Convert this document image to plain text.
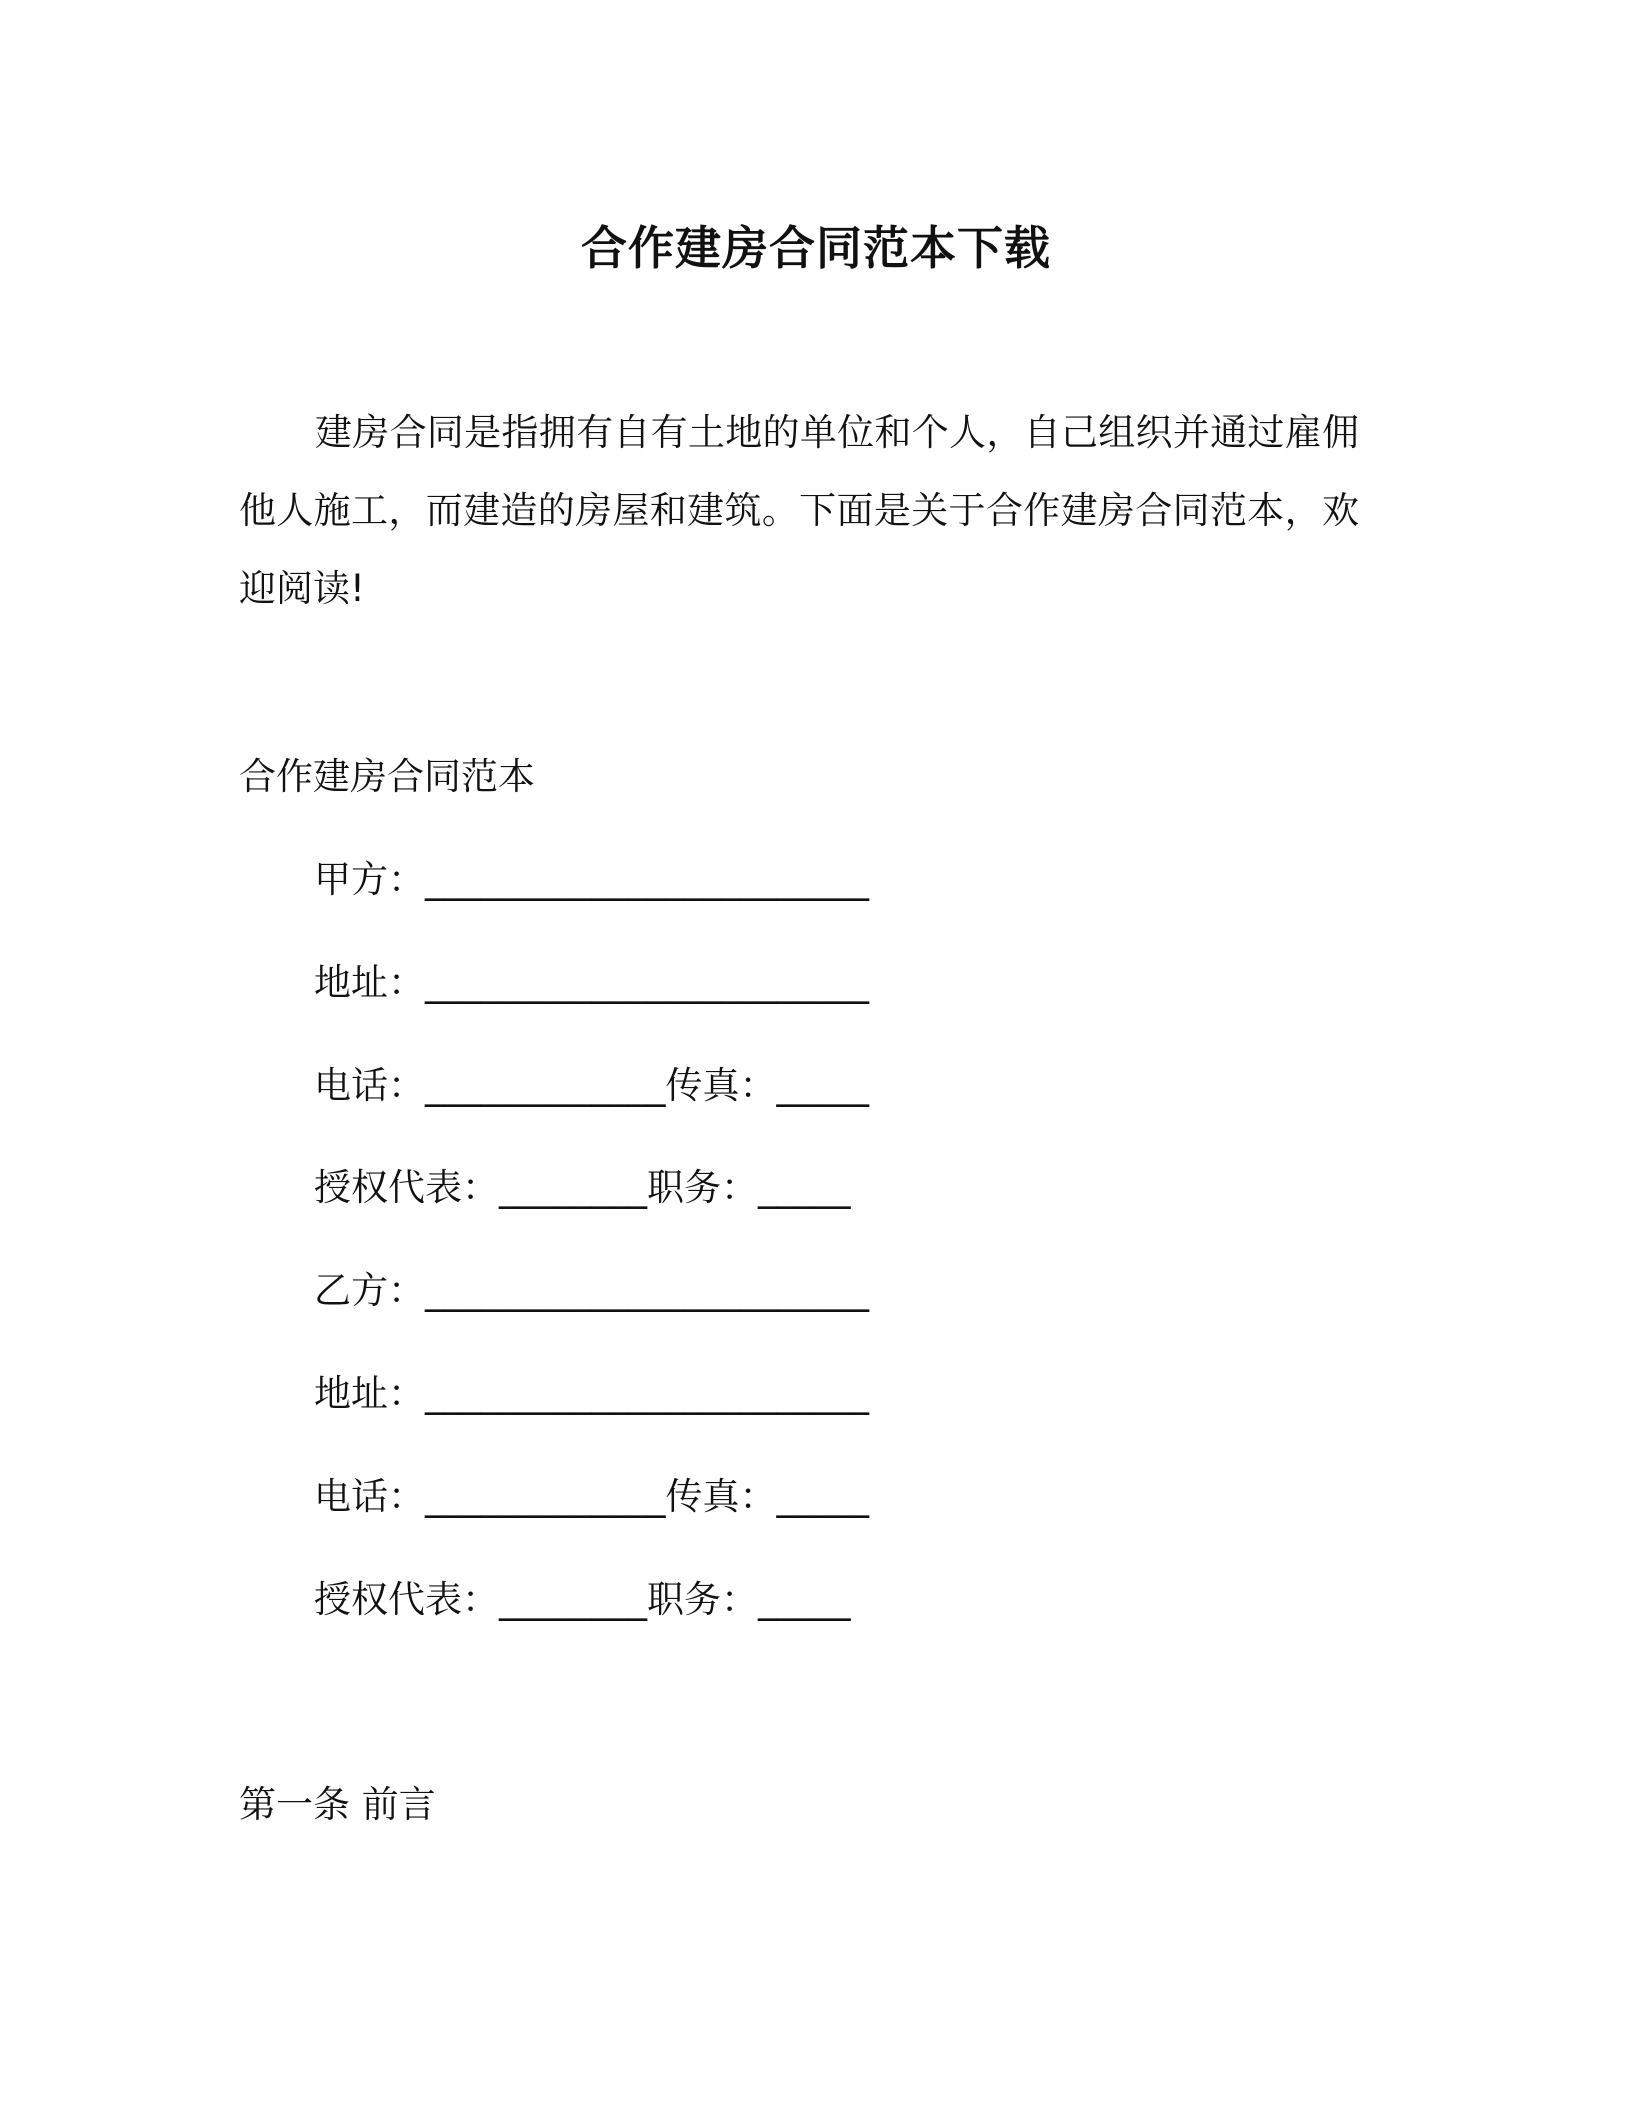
合作建房合同范本下载

建房合同是指拥有自有土地的单位和个人，自己组织并通过雇佣他人施工，而建造的房屋和建筑。下面是关于合作建房合同范本，欢迎阅读!

合作建房合同范本
甲方：________________________
地址：________________________
电话：_____________传真：_____
授权代表：________职务：_____
乙方：________________________
地址：________________________
电话：_____________传真：_____
授权代表：________职务：_____
第一条 前言
